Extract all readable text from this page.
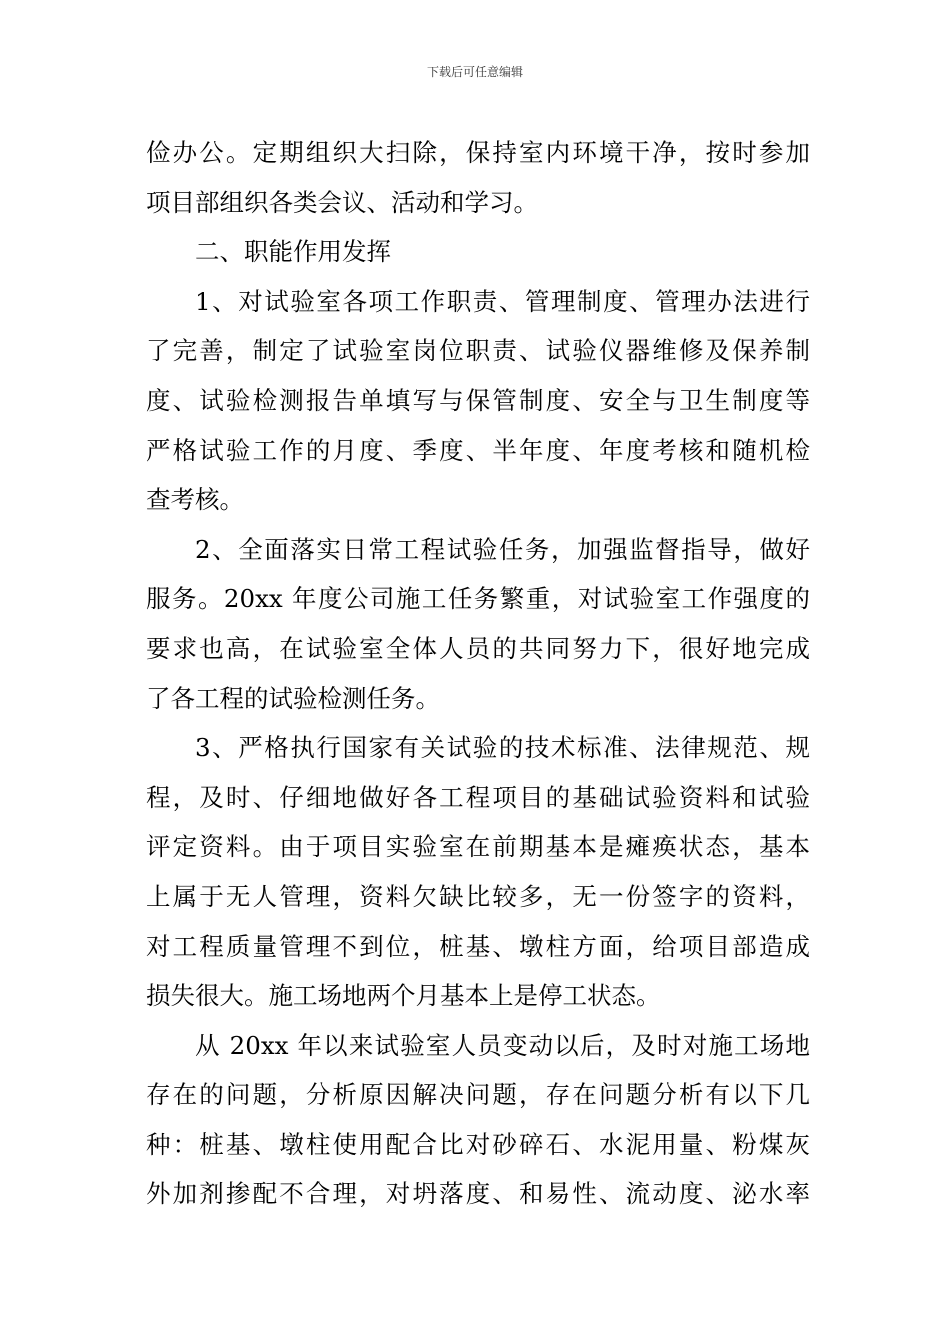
下载后可任意编辑
俭办公。定期组织大扫除，保持室内环境干净，按时参加
项目部组织各类会议、活动和学习。
二、职能作用发挥
1、对试验室各项工作职责、管理制度、管理办法进行
了完善，制定了试验室岗位职责、试验仪器维修及保养制
度、试验检测报告单填写与保管制度、安全与卫生制度等
严格试验工作的月度、季度、半年度、年度考核和随机检
查考核。
2、全面落实日常工程试验任务，加强监督指导，做好
服务。20xx 年度公司施工任务繁重，对试验室工作强度的
要求也高，在试验室全体人员的共同努力下，很好地完成
了各工程的试验检测任务。
3、严格执行国家有关试验的技术标准、法律规范、规
程，及时、仔细地做好各工程项目的基础试验资料和试验
评定资料。由于项目实验室在前期基本是瘫痪状态，基本
上属于无人管理，资料欠缺比较多，无一份签字的资料，
对工程质量管理不到位，桩基、墩柱方面，给项目部造成
损失很大。施工场地两个月基本上是停工状态。
从 20xx 年以来试验室人员变动以后，及时对施工场地
存在的问题，分析原因解决问题，存在问题分析有以下几
种：桩基、墩柱使用配合比对砂碎石、水泥用量、粉煤灰
外加剂掺配不合理，对坍落度、和易性、流动度、泌水率
